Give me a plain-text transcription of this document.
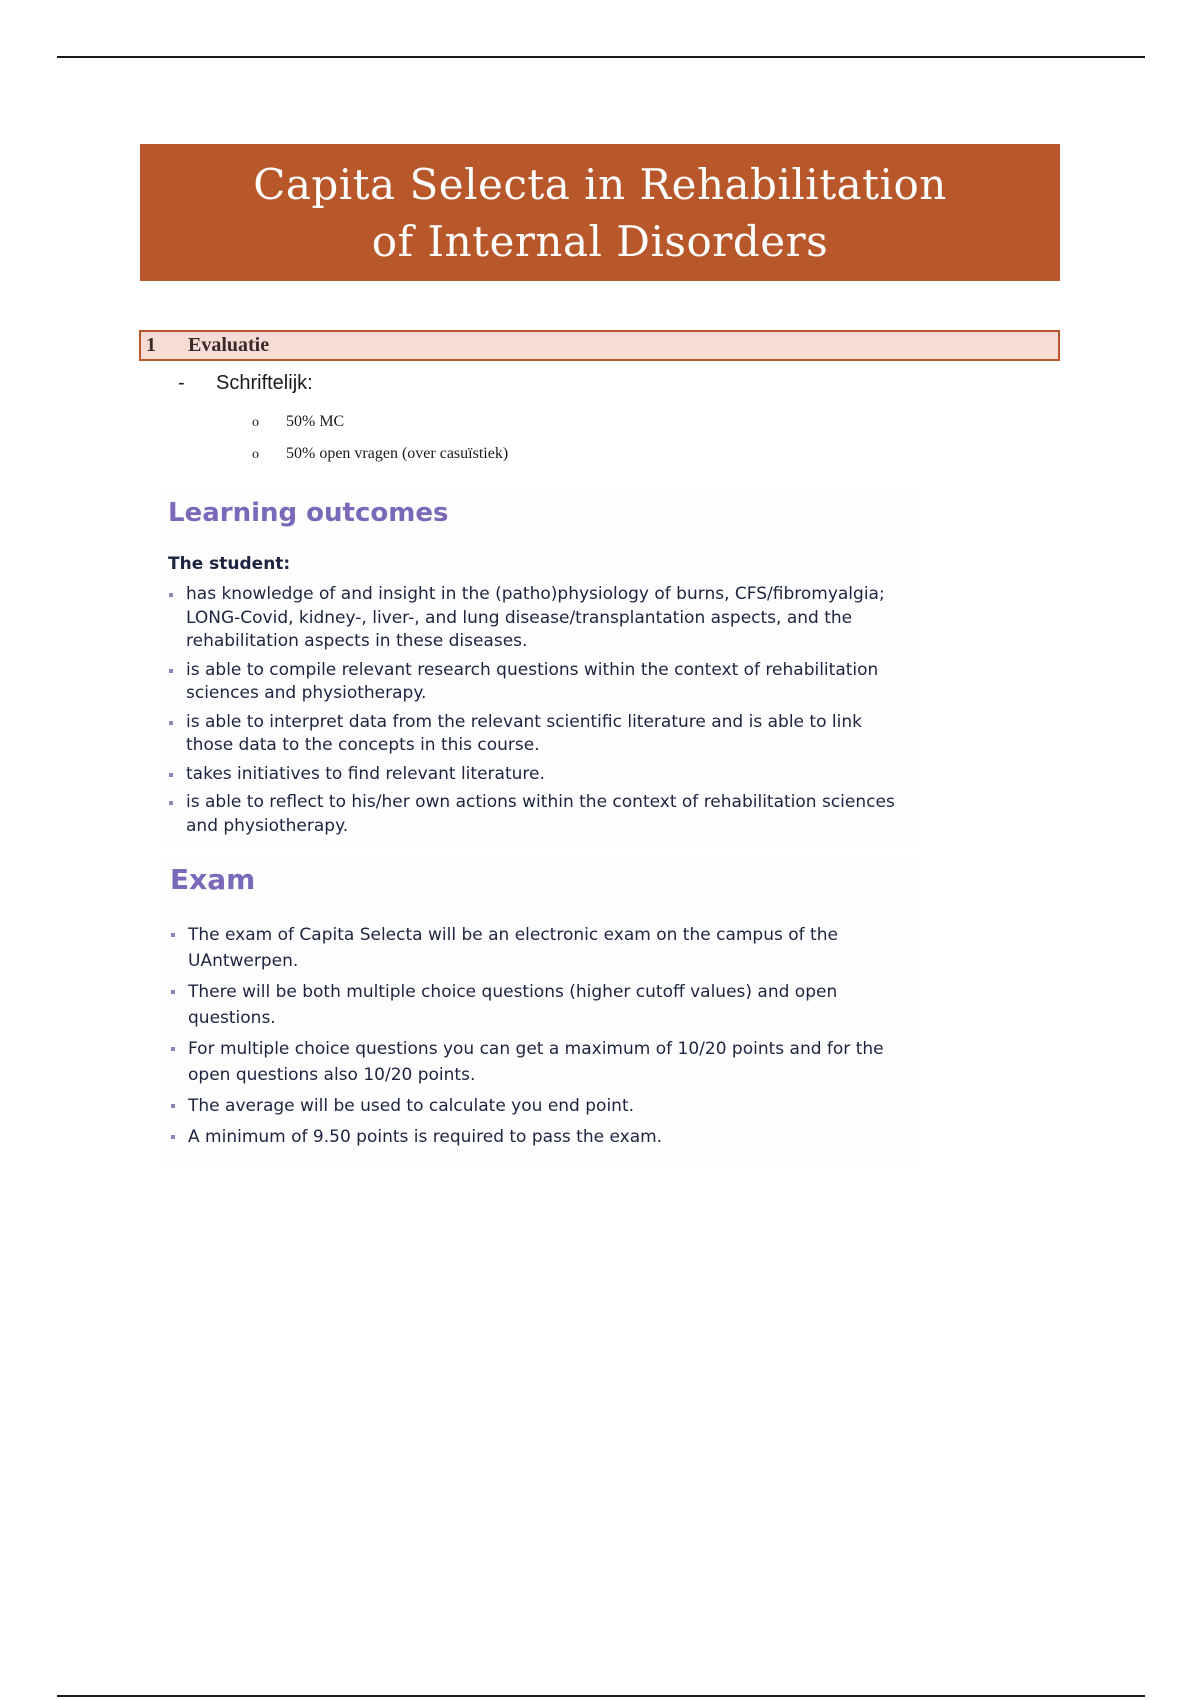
Capita Selecta in Rehabilitation
of Internal Disorders
1	Evaluatie
- Schriftelijk:
o 50% MC
o 50% open vragen (over casuïstiek)
Learning outcomes
The student:
has knowledge of and insight in the (patho)physiology of burns, CFS/fibromyalgia; LONG-Covid, kidney-, liver-, and lung disease/transplantation aspects, and the rehabilitation aspects in these diseases.
is able to compile relevant research questions within the context of rehabilitation sciences and physiotherapy.
is able to interpret data from the relevant scientific literature and is able to link those data to the concepts in this course.
takes initiatives to find relevant literature.
is able to reflect to his/her own actions within the context of rehabilitation sciences and physiotherapy.
Exam
The exam of Capita Selecta will be an electronic exam on the campus of the UAntwerpen.
There will be both multiple choice questions (higher cutoff values) and open questions.
For multiple choice questions you can get a maximum of 10/20 points and for the open questions also 10/20 points.
The average will be used to calculate you end point.
A minimum of 9.50 points is required to pass the exam.
